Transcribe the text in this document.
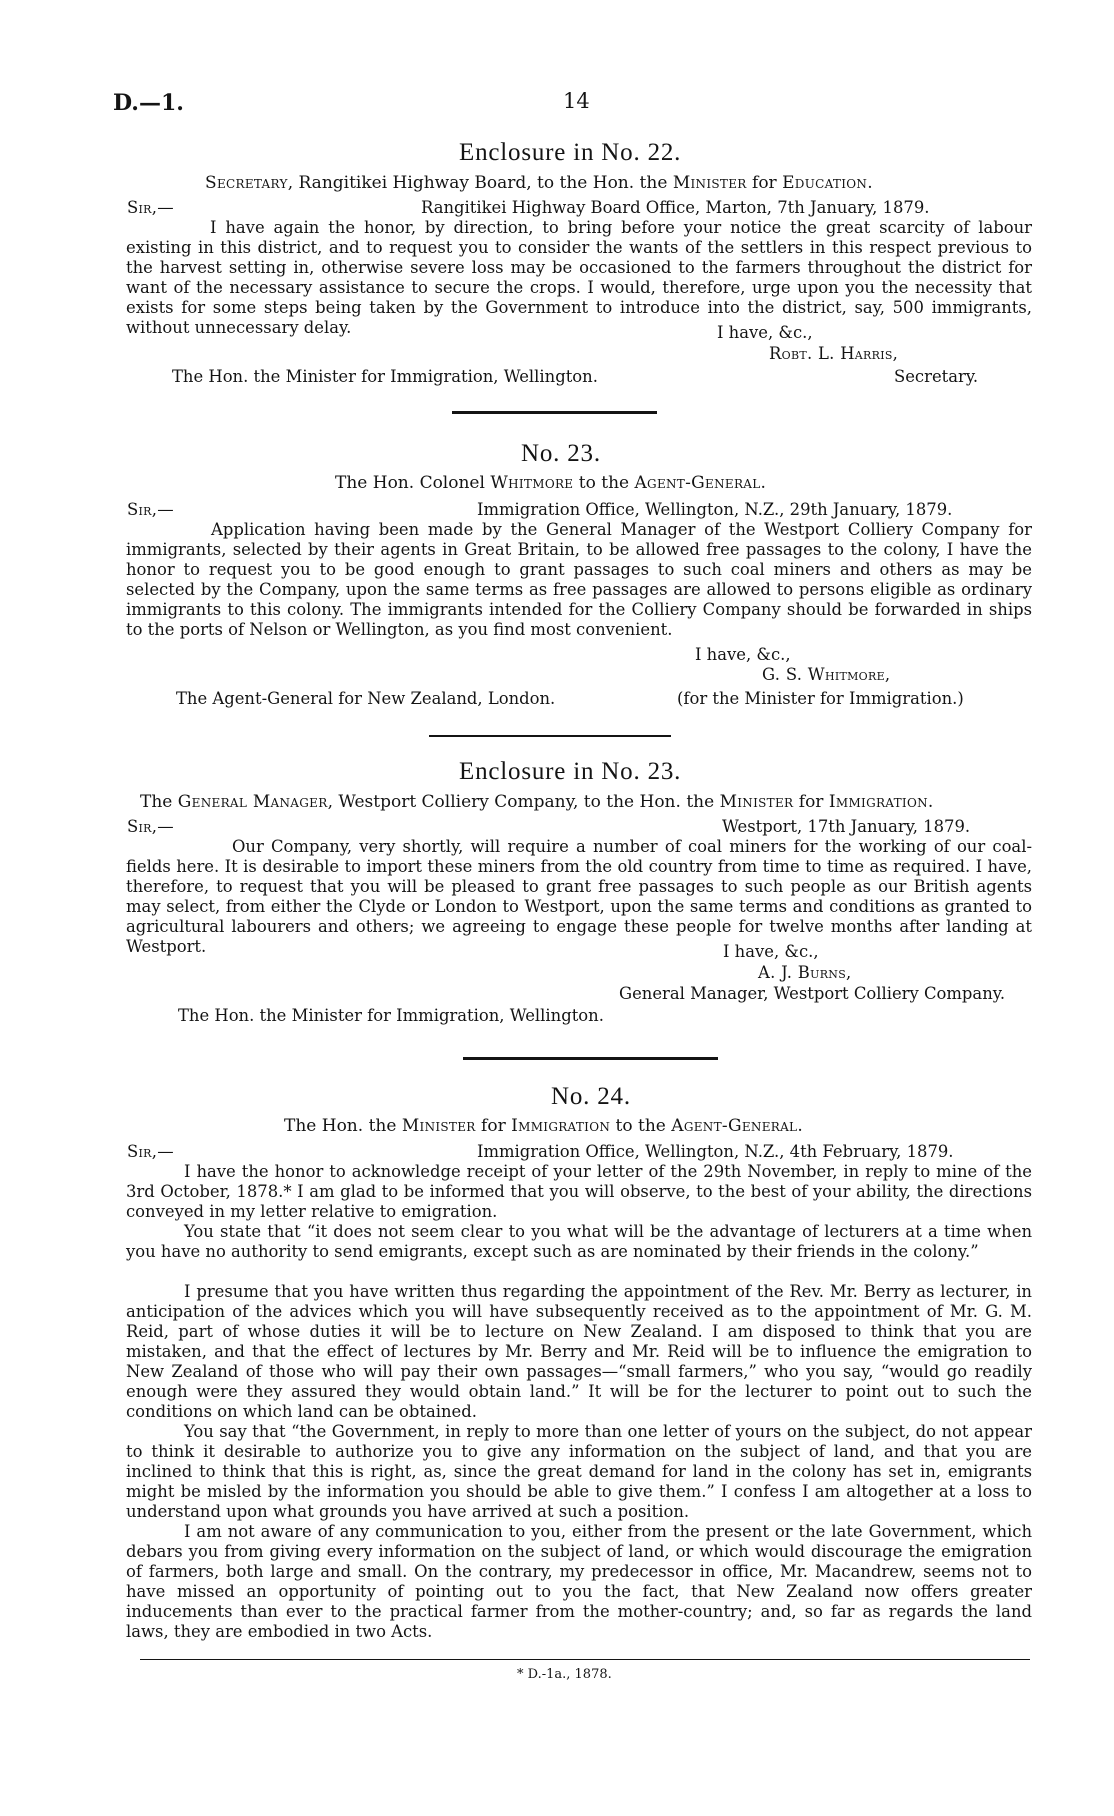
D.—1.	14
Enclosure in No. 22.
Secretary, Rangitikei Highway Board, to the Hon. the Minister for Education.
Sir,—	Rangitikei Highway Board Office, Marton, 7th January, 1879.
I have again the honor, by direction, to bring before your notice the great scarcity of labour existing in this district, and to request you to consider the wants of the settlers in this respect previous to the harvest setting in, otherwise severe loss may be occasioned to the farmers throughout the district for want of the necessary assistance to secure the crops. I would, therefore, urge upon you the necessity that exists for some steps being taken by the Government to introduce into the district, say, 500 immigrants, without unnecessary delay.	I have, &c.,
Robt. L. Harris,
The Hon. the Minister for Immigration, Wellington.	Secretary.
No. 23.
The Hon. Colonel Whitmore to the Agent-General.
Sir,—	Immigration Office, Wellington, N.Z., 29th January, 1879.
Application having been made by the General Manager of the Westport Colliery Company for immigrants, selected by their agents in Great Britain, to be allowed free passages to the colony, I have the honor to request you to be good enough to grant passages to such coal miners and others as may be selected by the Company, upon the same terms as free passages are allowed to persons eligible as ordinary immigrants to this colony. The immigrants intended for the Colliery Company should be forwarded in ships to the ports of Nelson or Wellington, as you find most convenient.
I have, &c.,
G. S. Whitmore,
The Agent-General for New Zealand, London.	(for the Minister for Immigration.)
Enclosure in No. 23.
The General Manager, Westport Colliery Company, to the Hon. the Minister for Immigration.
Sir,—	Westport, 17th January, 1879.
Our Company, very shortly, will require a number of coal miners for the working of our coal-fields here. It is desirable to import these miners from the old country from time to time as required. I have, therefore, to request that you will be pleased to grant free passages to such people as our British agents may select, from either the Clyde or London to Westport, upon the same terms and conditions as granted to agricultural labourers and others; we agreeing to engage these people for twelve months after landing at Westport.	I have, &c.,
A. J. Burns,
General Manager, Westport Colliery Company.
The Hon. the Minister for Immigration, Wellington.
No. 24.
The Hon. the Minister for Immigration to the Agent-General.
Sir,—	Immigration Office, Wellington, N.Z., 4th February, 1879.
I have the honor to acknowledge receipt of your letter of the 29th November, in reply to mine of the 3rd October, 1878.* I am glad to be informed that you will observe, to the best of your ability, the directions conveyed in my letter relative to emigration.
You state that “it does not seem clear to you what will be the advantage of lecturers at a time when you have no authority to send emigrants, except such as are nominated by their friends in the colony.”
I presume that you have written thus regarding the appointment of the Rev. Mr. Berry as lecturer, in anticipation of the advices which you will have subsequently received as to the appointment of Mr. G. M. Reid, part of whose duties it will be to lecture on New Zealand. I am disposed to think that you are mistaken, and that the effect of lectures by Mr. Berry and Mr. Reid will be to influence the emigration to New Zealand of those who will pay their own passages—“small farmers,” who you say, “would go readily enough were they assured they would obtain land.” It will be for the lecturer to point out to such the conditions on which land can be obtained.
You say that “the Government, in reply to more than one letter of yours on the subject, do not appear to think it desirable to authorize you to give any information on the subject of land, and that you are inclined to think that this is right, as, since the great demand for land in the colony has set in, emigrants might be misled by the information you should be able to give them.” I confess I am altogether at a loss to understand upon what grounds you have arrived at such a position.
I am not aware of any communication to you, either from the present or the late Government, which debars you from giving every information on the subject of land, or which would discourage the emigration of farmers, both large and small. On the contrary, my predecessor in office, Mr. Macandrew, seems not to have missed an opportunity of pointing out to you the fact, that New Zealand now offers greater inducements than ever to the practical farmer from the mother-country; and, so far as regards the land laws, they are embodied in two Acts.
* D.-1a., 1878.
